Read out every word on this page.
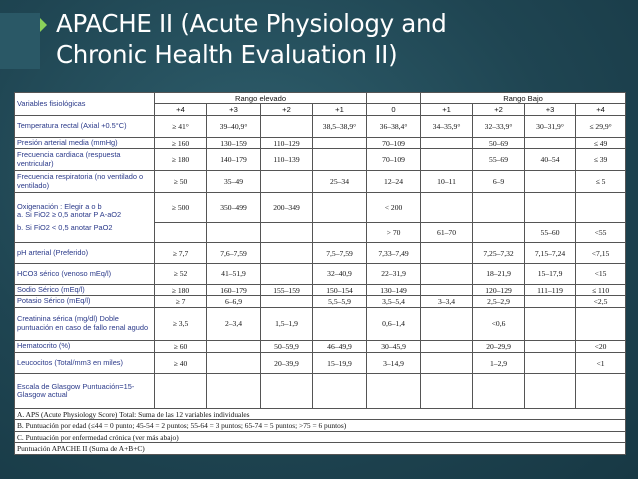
APACHE II (Acute Physiology and
Chronic Health Evaluation II)
Variables fisiológicas	Rango elevado					Rango Bajo			
	+4	+3	+2	+1	0	+1	+2	+3	+4
Temperatura rectal (Axial +0.5°C)	≥ 41°	39–40,9°		38,5–38,9°	36–38,4°	34–35,9°	32–33,9°	30–31,9°	≤ 29,9°
Presión arterial media (mmHg)	≥ 160	130–159	110–129		70–109		50–69		≤ 49
Frecuencia cardiaca (respuesta ventricular)	≥ 180	140–179	110–139		70–109		55–69	40–54	≤ 39
Frecuencia respiratoria (no ventilado o ventilado)	≥ 50	35–49		25–34	12–24	10–11	6–9		≤ 5

Oxigenación : Elegir a o b
a. Si FiO2 ≥ 0,5 anotar P A-aO2
b. Si FiO2 < 0,5 anotar PaO2	≥ 500	350–499	200–349		< 200				
					> 70	61–70		55–60	<55
pH arterial (Preferido)	≥ 7,7	7,6–7,59		7,5–7,59	7,33–7,49		7,25–7,32	7,15–7,24	<7,15
HCO3 sérico (venoso mEq/l)	≥ 52	41–51,9		32–40,9	22–31,9		18–21,9	15–17,9	<15
Sodio Sérico (mEq/l)	≥ 180	160–179	155–159	150–154	130–149		120–129	111–119	≤ 110
Potasio Sérico (mEq/l)	≥ 7	6–6,9		5,5–5,9	3,5–5,4	3–3,4	2,5–2,9		<2,5
Creatinina sérica (mg/dl) Doble puntuación en caso de fallo renal agudo	≥ 3,5	2–3,4	1,5–1,9		0,6–1,4		<0,6		
Hematocrito (%)	≥ 60		50–59,9	46–49,9	30–45,9		20–29,9		<20
Leucocitos (Total/mm3 en miles)	≥ 40		20–39,9	15–19,9	3–14,9		1–2,9		<1
Escala de Glasgow Puntuación=15-Glasgow actual									
A. APS (Acute Physiology Score) Total: Suma de las 12 variables individuales									
B. Puntuación por edad (≤44 = 0 punto; 45-54 = 2 puntos; 55-64 = 3 puntos; 65-74 = 5 puntos; >75 = 6 puntos)									
C. Puntuación por enfermedad crónica (ver más abajo)									
Puntuación APACHE II (Suma de A+B+C)									
